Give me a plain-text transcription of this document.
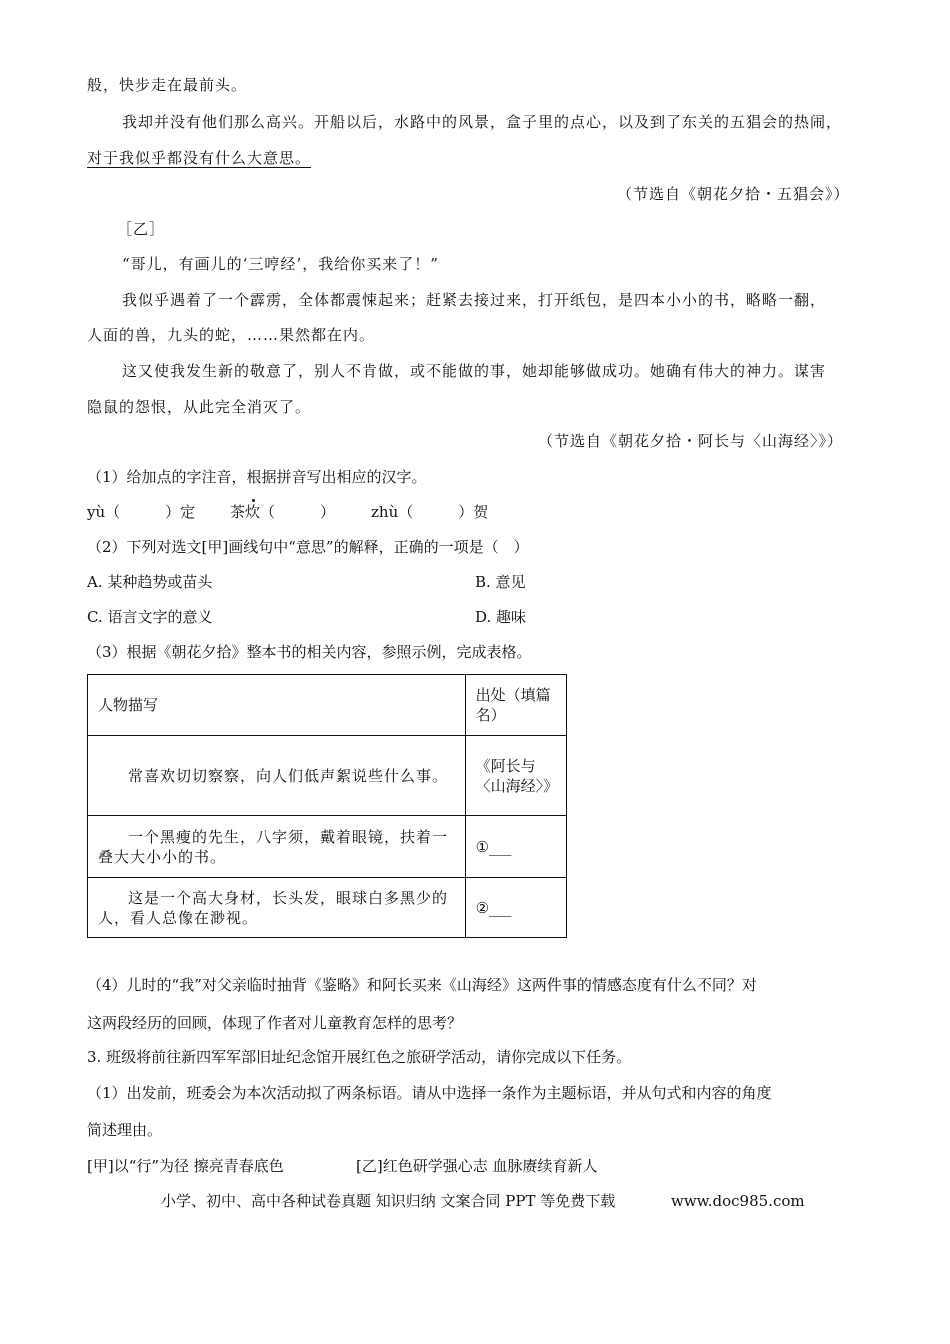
般，快步走在最前头。
我却并没有他们那么高兴。开船以后，水路中的风景，盒子里的点心，以及到了东关的五猖会的热闹，
对于我似乎都没有什么大意思。
（节选自《朝花夕拾・五猖会》）
［乙］
“哥儿，有画儿的‘三哼经’，我给你买来了！”
我似乎遇着了一个霹雳，全体都震悚起来；赶紧去接过来，打开纸包，是四本小小的书，略略一翻，
人面的兽，九头的蛇，……果然都在内。
这又使我发生新的敬意了，别人不肯做，或不能做的事，她却能够做成功。她确有伟大的神力。谋害
隐鼠的怨恨，从此完全消灭了。
（节选自《朝花夕拾・阿长与〈山海经〉》）
（1）给加点的字注音，根据拼音写出相应的汉字。
yù（　　　）定 茶炊（　　　） zhù（　　　）贺
（2）下列对选文[甲]画线句中“意思”的解释，正确的一项是（　）
A. 某种趋势或苗头	B. 意见
C. 语言文字的意义	D. 趣味
（3）根据《朝花夕拾》整本书的相关内容，参照示例，完成表格。
人物描写	出处（填篇名）

常喜欢切切察察，向人们低声絮说些什么事。	《阿长与〈山海经〉》

一个黑瘦的先生，八字须，戴着眼镜，扶着一叠大大小小的书。	①___

这是一个高大身材，长头发，眼球白多黑少的人，看人总像在渺视。	②___
（4）儿时的“我”对父亲临时抽背《鉴略》和阿长买来《山海经》这两件事的情感态度有什么不同？对
这两段经历的回顾，体现了作者对儿童教育怎样的思考？
3. 班级将前往新四军军部旧址纪念馆开展红色之旅研学活动，请你完成以下任务。
（1）出发前，班委会为本次活动拟了两条标语。请从中选择一条作为主题标语，并从句式和内容的角度
简述理由。
[甲]以“行”为径 擦亮青春底色	[乙]红色研学强心志 血脉赓续育新人
小学、初中、高中各种试卷真题 知识归纳 文案合同 PPT 等免费下载	www.doc985.com
